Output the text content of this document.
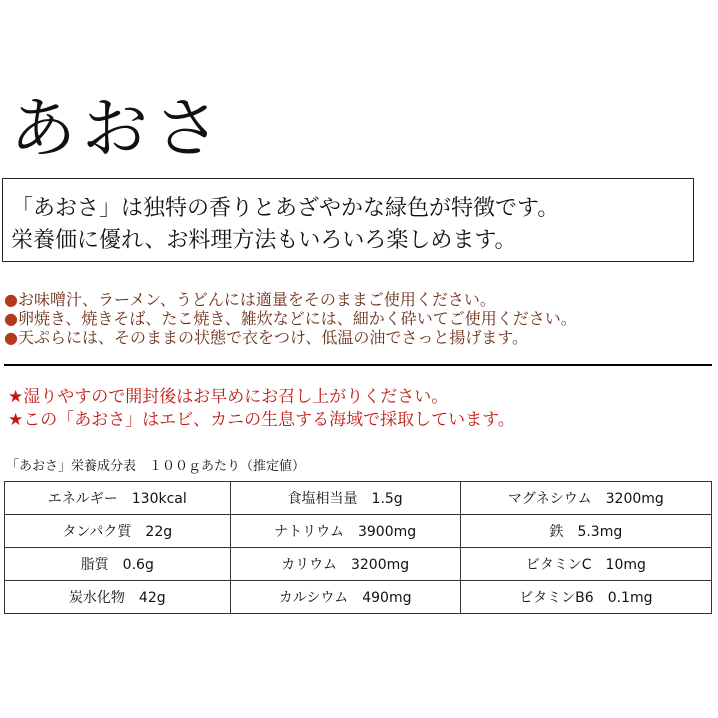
あおさ
「あおさ」は独特の香りとあざやかな緑色が特徴です。
栄養価に優れ、お料理方法もいろいろ楽しめます。
●お味噌汁、ラーメン、うどんには適量をそのままご使用ください。
●卵焼き、焼きそば、たこ焼き、雑炊などには、細かく砕いてご使用ください。
●天ぷらには、そのままの状態で衣をつけ、低温の油でさっと揚げます。
★湿りやすので開封後はお早めにお召し上がりください。
★この「あおさ」はエビ、カニの生息する海域で採取しています。
「あおさ」栄養成分表　１００ｇあたり（推定値）
エネルギー　130kcal	食塩相当量　1.5g	マグネシウム　3200mg
タンパク質　22g	ナトリウム　3900mg	鉄　5.3mg
脂質　0.6g	カリウム　3200mg	ビタミンC　10mg
炭水化物　42g	カルシウム　490mg	ビタミンB6　0.1mg
